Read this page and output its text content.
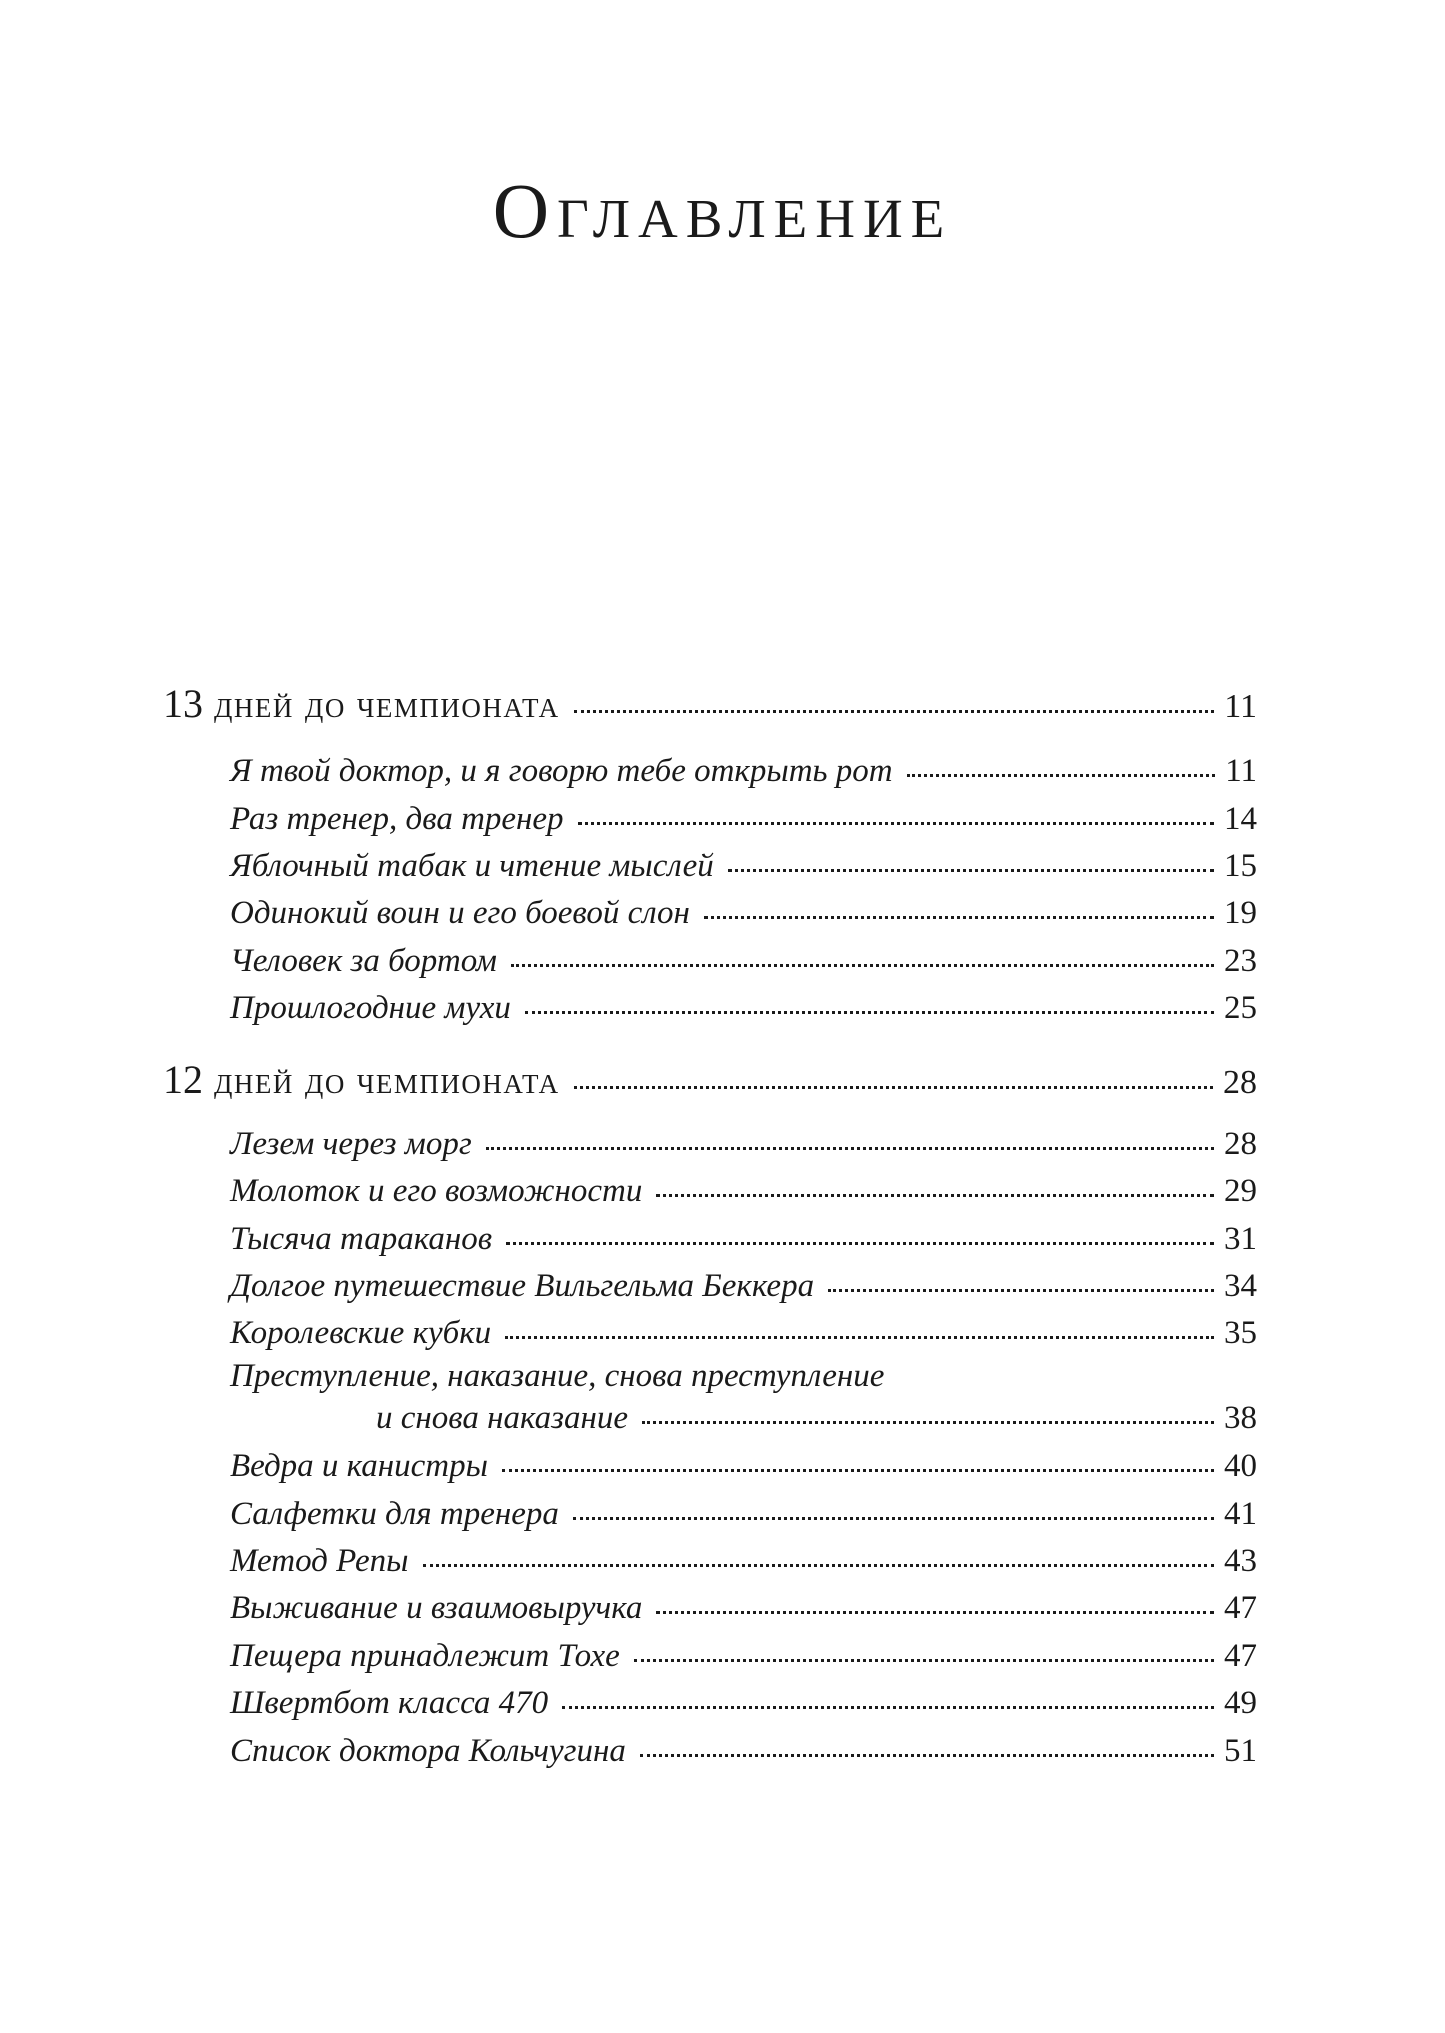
Оглавление
13 дней до чемпионата	11
Я твой доктор, и я говорю тебе открыть рот	11
Раз тренер, два тренер	14
Яблочный табак и чтение мыслей	15
Одинокий воин и его боевой слон	19
Человек за бортом	23
Прошлогодние мухи	25
12 дней до чемпионата	28
Лезем через морг	28
Молоток и его возможности	29
Тысяча тараканов	31
Долгое путешествие Вильгельма Беккера	34
Королевские кубки	35
Преступление, наказание, снова преступление
и снова наказание	38
Ведра и канистры	40
Салфетки для тренера	41
Метод Репы	43
Выживание и взаимовыручка	47
Пещера принадлежит Тохе	47
Швертбот класса 470	49
Список доктора Кольчугина	51
